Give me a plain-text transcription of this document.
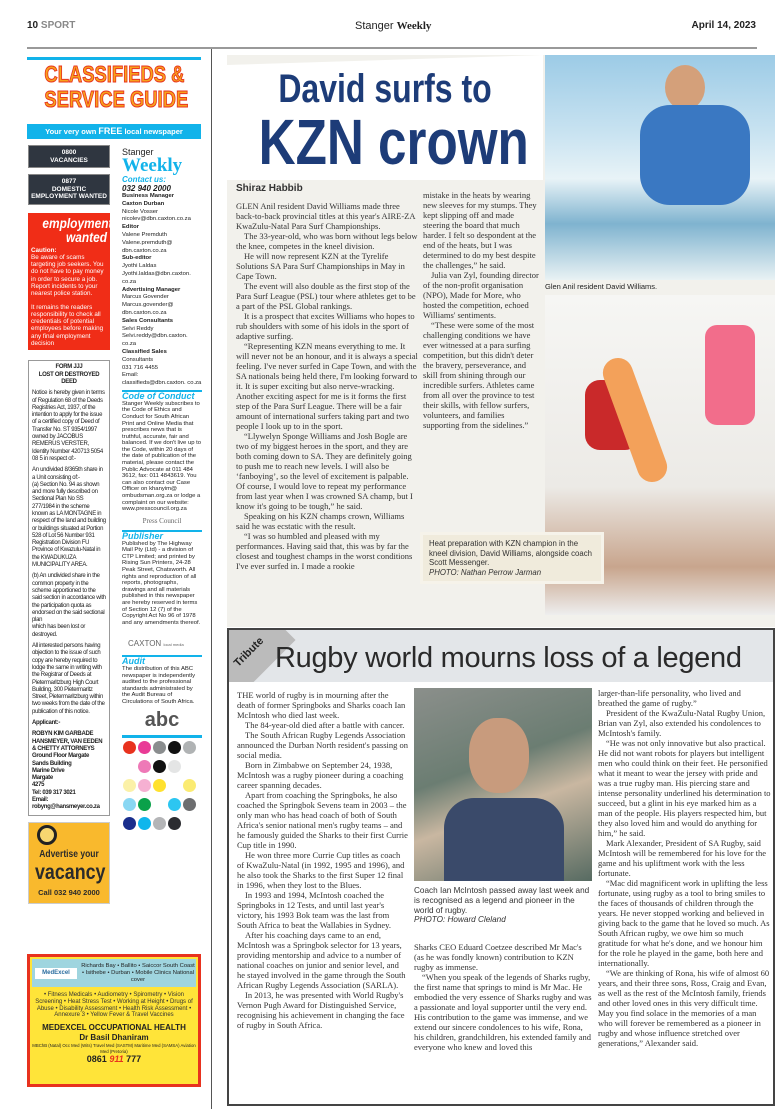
10 SPORT	Stanger Weekly	April 14, 2023
CLASSIFIEDS &
SERVICE GUIDE
Your very own FREE local newspaper
0800
VACANCIES
0877
DOMESTIC EMPLOYMENT WANTED
employment
wanted
Caution:
Be aware of scams targeting job seekers. You do not have to pay money in order to secure a job. Report incidents to your nearest police station.
It remains the readers responsibility to check all credentials of potential employees before making any final employment decision
FORM JJJ
LOST OR DESTROYED DEED

Notice is hereby given in terms of Regulation 68 of the Deeds Registries Act, 1937, of the intention to apply for the issue of a certified copy of Deed of Transfer No. ST 9354/1997 owned by JACOBUS REMERUS VERSTER, Identity Number 420713 5054 08 5 in respect of:-

An undivided 8/365th share in a Unit consisting of:-

(a) Section No. 94 as shown and more fully described on Sectional Plan No SS 277/1984 in the scheme known as LA MONTAGNE in respect of the land and building or buildings situated at Portion 528 of Lot 56 Number 931 Registration Division FU Province of Kwazulu-Natal in the KWADUKUZA MUNICIPALITY AREA.

(b) An undivided share in the common property in the scheme apportioned to the said section in accordance with the participation quota as endorsed on the said sectional plan

which has been lost or destroyed.

All interested persons having objection to the issue of such copy are hereby required to lodge the same in writing with the Registrar of Deeds at Pietermaritzburg High Court Building, 300 Pietermaritz Street, Pietermaritzburg within two weeks from the date of the publication of this notice.

Applicant:-

ROBYN KIM GARBADE
HANSMEYER, VAN EEDEN & CHETTY ATTORNEYS
Ground Floor Margate Sands Building
Marine Drive
Margate
4275
Tel: 039 317 3021
Email: robyng@hansmeyer.co.za
Advertise your
vacancy
Call 032 940 2000
Stanger
Weekly
Contact us:
032 940 2000
Business Manager
Caxton Durban
Nicole Vosser
nicolev@dbn.caxton.co.za
Editor
Valene Premduth
Valene.premduth@ dbn.caxton.co.za
Sub-editor
Jyothi Laldas
Jyothi.laldas@dbn.caxton. co.za
Advertising Manager
Marcus Govender
Marcus.govender@ dbn.caxton.co.za
Sales Consultants
Selvi Reddy
Selvi.reddy@dbn.caxton. co.za
Classified Sales
Consultants
031 716 4455
Email:
classifieds@dbn.caxton. co.za
Code of Conduct

Stanger Weekly subscribes to the Code of Ethics and Conduct for South African Print and Online Media that prescribes news that is truthful, accurate, fair and balanced. If we don't live up to the Code, within 20 days of the date of publication of the material, please contact the Public Advocate at 011 484 3612, fax: 011 4843619. You can also contact our Case Officer on khanyim@ ombudsman.org.za or lodge a complaint on our website: www.presscouncil.org.za

Press Council
Publisher

Published by The Highway Mail Pty (Ltd) - a division of CTP Limited; and printed by Rising Sun Printers, 24-28 Peak Street, Chatsworth. All rights and reproduction of all reports, photographs, drawings and all materials published in this newspaper are hereby reserved in terms of Section 12 (7) of the Copyright Act No 96 of 1978 and any amendments thereof.

CAXTON local media
Audit

The distribution of this ABC newspaper is independently audited to the professional standards administrated by the Audit Bureau of Circulations of South Africa.

abc
MedExcel
Richards Bay • Ballito • Saiccor South Coast • Isithebe • Durban • Mobile Clinics National cover
• Fitness Medicals • Audiometry • Spirometry • Vision Screening • Heat Stress Test • Working at Height • Drugs of Abuse • Disability Assessment • Health Risk Assessment • Annexure 3 • Yellow Fever & Travel Vaccines
MEDEXCEL OCCUPATIONAL HEALTH
Dr Basil Dhaniram
MBChB (Natal) Occ Med (Wits) Travel Med (SASTM) Maritime Med (SAMSA) Aviation Med (Pretoria)
0861 911 777
David surfs to
KZN crown
Shiraz Habbib

GLEN Anil resident David Williams made three back-to-back provincial titles at this year's AIRE-ZA KwaZulu-Natal Para Surf Championships.

The 33-year-old, who was born without legs below the knee, competes in the kneel division.

He will now represent KZN at the Tyrelife Solutions SA Para Surf Championships in May in Cape Town.

The event will also double as the first stop of the Para Surf League (PSL) tour where athletes get to be a part of the PSL Global rankings.

It is a prospect that excites Williams who hopes to rub shoulders with some of his idols in the sport of adaptive surfing.

“Representing KZN means everything to me. It will never not be an honour, and it is always a special feeling. I've never surfed in Cape Town, and with the SA nationals being held there, I'm looking forward to it. It is super exciting but also nerve-wracking. Another exciting aspect for me is it forms the first step of the Para Surf League. There will be a fair amount of international surfers taking part and two people I look up to in the sport.

“Llywelyn Sponge Williams and Josh Bogle are two of my biggest heroes in the sport, and they are both coming down to SA. They are definitely going to push me to reach new levels. I will also be ‘fanboying’, so the level of excitement is palpable. Of course, I would love to repeat my performance from last year when I was crowned SA champ, but I know it's going to be tough,” he said.

Speaking on his KZN champs crown, Williams said he was ecstatic with the result.

“I was so humbled and pleased with my performances. Having said that, this was by far the closest and toughest champs in the worst conditions I've ever surfed in. I made a rookie

mistake in the heats by wearing new sleeves for my stumps. They kept slipping off and made steering the board that much harder. I felt so despondent at the end of the heats, but I was determined to do my best despite the challenges,” he said.

Julia van Zyl, founding director of the non-profit organisation (NPO), Made for More, who hosted the competition, echoed Williams' sentiments.

“These were some of the most challenging conditions we have ever witnessed at a para surfing competition, but this didn't deter the bravery, perseverance, and skill from shining through our incredible surfers. Athletes came from all over the province to test their skills, with fellow surfers, volunteers, and families supporting from the sidelines.”

Glen Anil resident David Williams.
Heat preparation with KZN champion in the kneel division, David Williams, alongside coach Scott Messenger.
PHOTO: Nathan Perrow Jarman
Tribute Rugby world mourns loss of a legend

THE world of rugby is in mourning after the death of former Springboks and Sharks coach Ian McIntosh who died last week.

The 84-year-old died after a battle with cancer.

The South African Rugby Legends Association announced the Durban North resident's passing on social media.

Born in Zimbabwe on September 24, 1938, McIntosh was a rugby pioneer during a coaching career spanning decades.

Apart from coaching the Springboks, he also coached the Springbok Sevens team in 2003 – the only man who has head coach of both of South Africa's senior national men's rugby teams – and he famously guided the Sharks to their first Currie Cup title in 1990.

He won three more Currie Cup titles as coach of KwaZulu-Natal (in 1992, 1995 and 1996), and he also took the Sharks to the first Super 12 final in 1996, when they lost to the Blues.

In 1993 and 1994, McIntosh coached the Springboks in 12 Tests, and until last year's victory, his 1993 Bok team was the last from South Africa to beat the Wallabies in Sydney.

After his coaching days came to an end, McIntosh was a Springbok selector for 13 years, providing mentorship and advice to a number of national coaches on junior and senior level, and he stayed involved in the game through the South African Rugby Legends Association (SARLA).

In 2013, he was presented with World Rugby's Vernon Pugh Award for Distinguished Service, recognising his achievement in changing the face of rugby in South Africa.

Coach Ian McIntosh passed away last week and is recognised as a legend and pioneer in the world of rugby.
PHOTO: Howard Cleland

Sharks CEO Eduard Coetzee described Mr Mac's (as he was fondly known) contribution to KZN rugby as immense.

“When you speak of the legends of Sharks rugby, the first name that springs to mind is Mr Mac. He embodied the very essence of Sharks rugby and was a passionate and loyal supporter until the very end. His contribution to the game was immense, and we extend our sincere condolences to his wife, Rona, his children, grandchildren, his extended family and everyone who knew and loved this

larger-than-life personality, who lived and breathed the game of rugby.”

President of the KwaZulu-Natal Rugby Union, Brian van Zyl, also extended his condolences to McIntosh's family.

“He was not only innovative but also practical. He did not want robots for players but intelligent men who could think on their feet. He personified what it meant to wear the jersey with pride and was a true rugby man. His piercing stare and intense personality underlined his determination to succeed, but a glint in his eye marked him as a man of the people. His players respected him, but they also loved him and would do anything for him,” he said.

Mark Alexander, President of SA Rugby, said McIntosh will be remembered for his love for the game and his upliftment work with the less fortunate.

“Mac did magnificent work in uplifting the less fortunate, using rugby as a tool to bring smiles to the faces of thousands of children through the years. He never stopped working and believed in giving back to the game that he loved so much. As South African rugby, we owe him so much gratitude for what he's done, and we honour him for the role he played in the game, both here and internationally.

“We are thinking of Rona, his wife of almost 60 years, and their three sons, Ross, Craig and Evan, as well as the rest of the McIntosh family, friends and other loved ones in this very difficult time. May you find solace in the memories of a man who will forever be remembered as a pioneer in rugby and whose influence stretched over generations,” Alexander said.
